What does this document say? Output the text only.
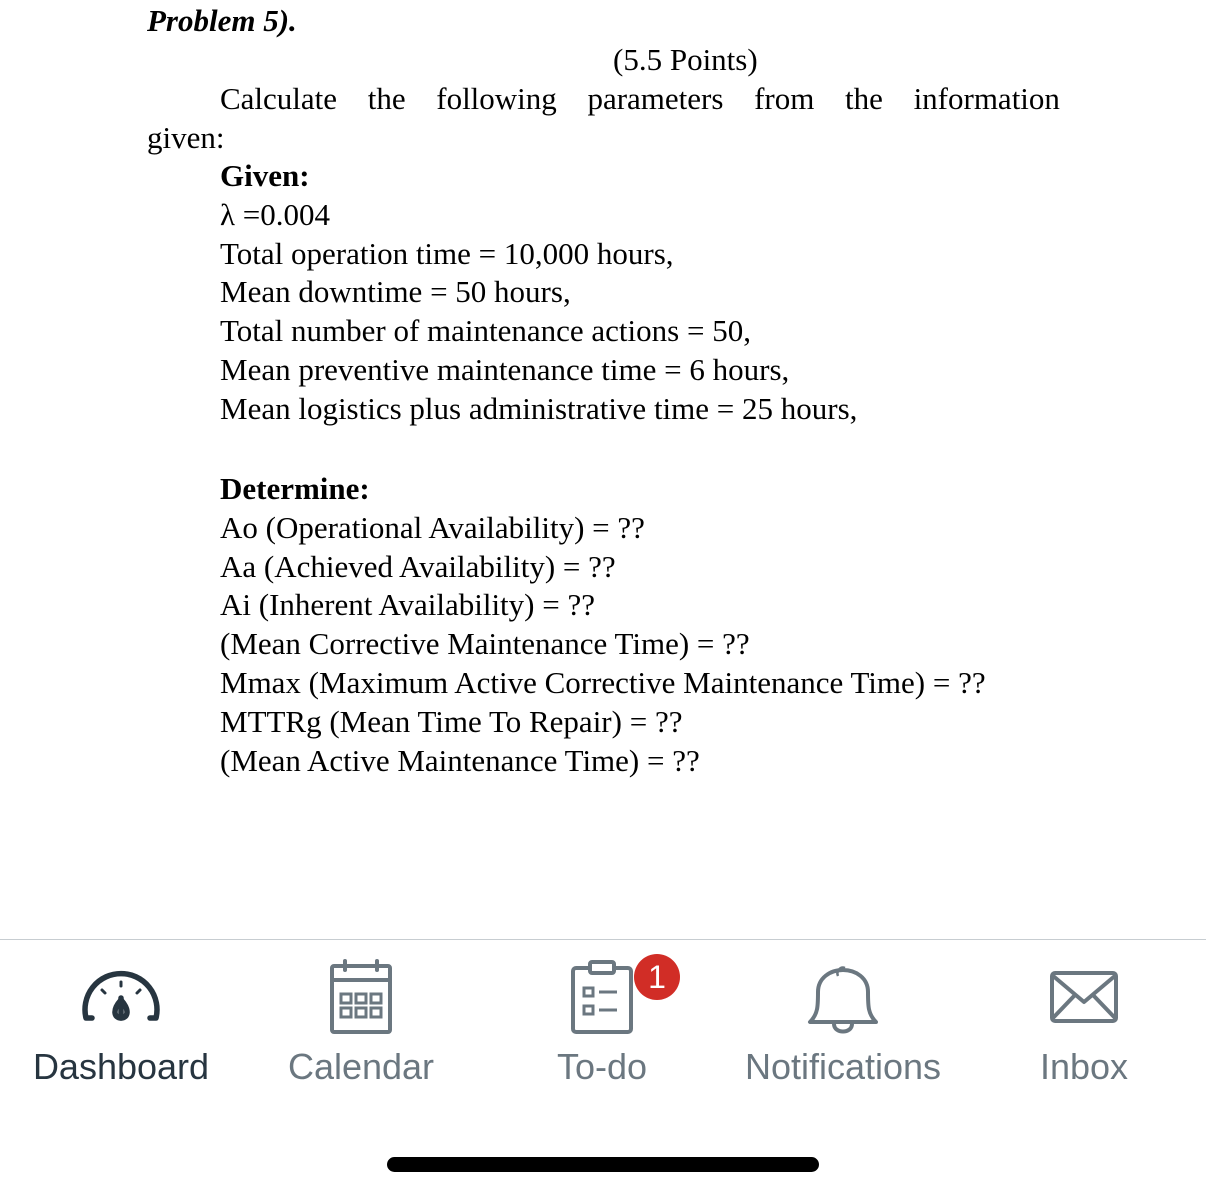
Problem 5).
(5.5 Points)
Calculate the following parameters from the information
given:
Given:
λ =0.004
Total operation time = 10,000 hours,
Mean downtime = 50 hours,
Total number of maintenance actions = 50,
Mean preventive maintenance time = 6 hours,
Mean logistics plus administrative time = 25 hours,
Determine:
Ao (Operational Availability) = ??
Aa (Achieved Availability) = ??
Ai (Inherent Availability) = ??
(Mean Corrective Maintenance Time) = ??
Mmax (Maximum Active Corrective Maintenance Time) = ??
MTTRg (Mean Time To Repair) = ??
(Mean Active Maintenance Time) = ??
Dashboard	Calendar
1
To-do	Notifications	Inbox
